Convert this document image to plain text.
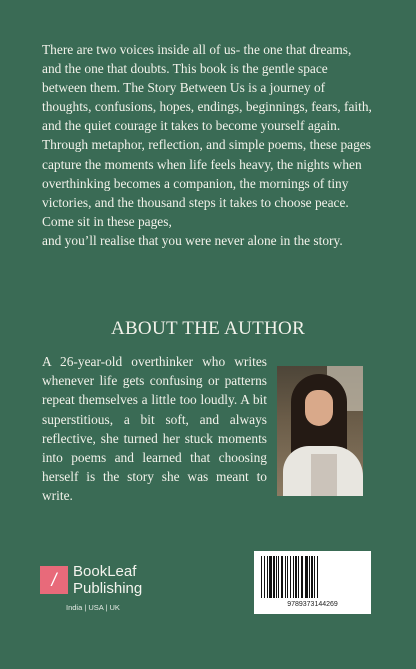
There are two voices inside all of us- the one that dreams, and the one that doubts. This book is the gentle space between them. The Story Between Us is a journey of thoughts, confusions, hopes, endings, beginnings, fears, faith, and the quiet courage it takes to become yourself again.

Through metaphor, reflection, and simple poems, these pages capture the moments when life feels heavy, the nights when overthinking becomes a companion, the mornings of tiny victories, and the thousand steps it takes to choose peace.

Come sit in these pages,

and you’ll realise that you were never alone in the story.

ABOUT THE AUTHOR
A 26-year-old overthinker who writes whenever life gets confusing or patterns repeat themselves a little too loudly. A bit superstitious, a bit soft, and always reflective, she turned her stuck moments into poems and learned that choosing herself is the story she was meant to write.
/	BookLeaf
Publishing
India | USA | UK	9789373144269
